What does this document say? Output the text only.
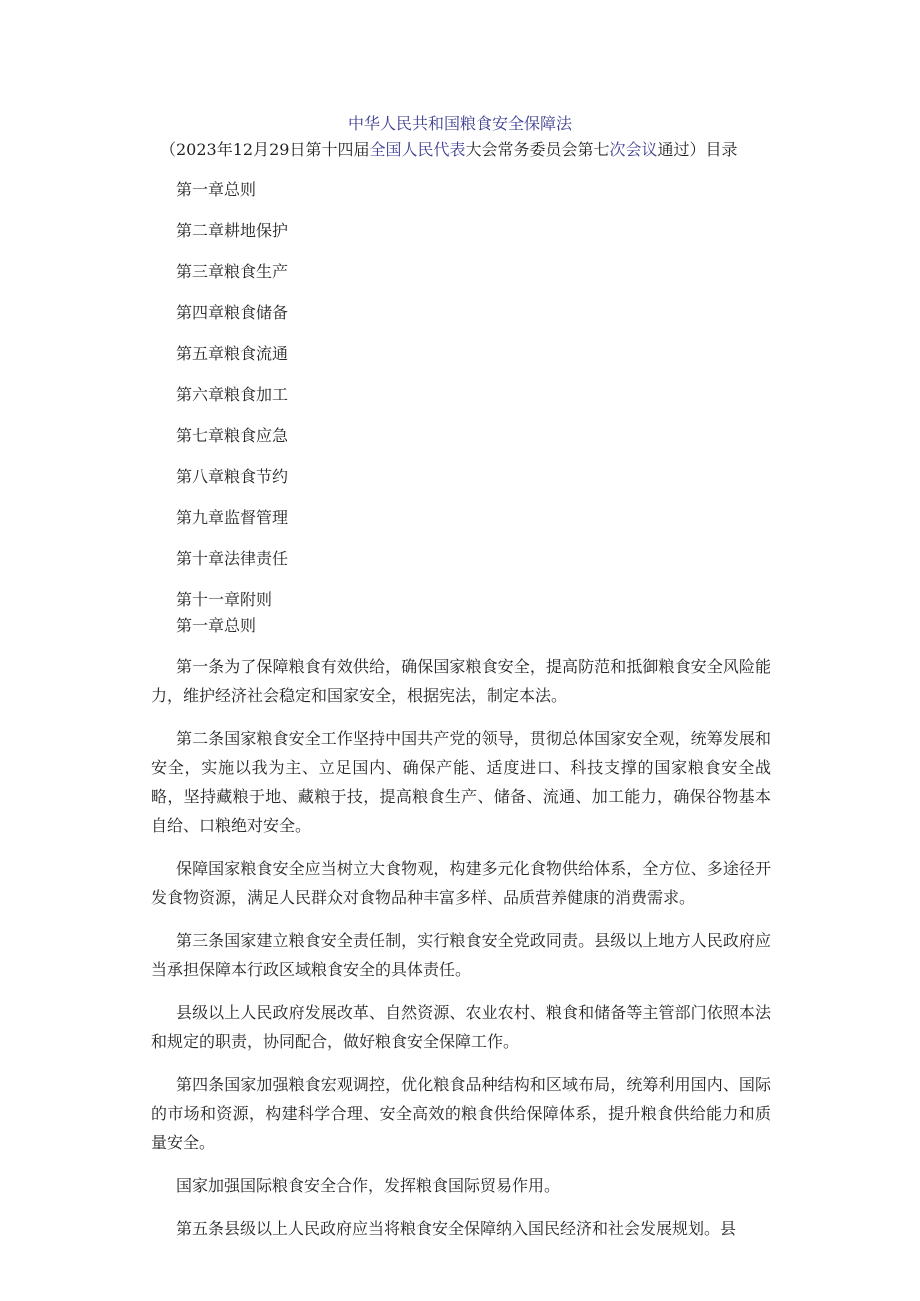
中华人民共和国粮食安全保障法
（2023年12月29日第十四届全国人民代表大会常务委员会第七次会议通过）目录
第一章总则
第二章耕地保护
第三章粮食生产
第四章粮食储备
第五章粮食流通
第六章粮食加工
第七章粮食应急
第八章粮食节约
第九章监督管理
第十章法律责任
第十一章附则
第一章总则

第一条为了保障粮食有效供给，确保国家粮食安全，提高防范和抵御粮食安全风险能力，维护经济社会稳定和国家安全，根据宪法，制定本法。

第二条国家粮食安全工作坚持中国共产党的领导，贯彻总体国家安全观，统筹发展和安全，实施以我为主、立足国内、确保产能、适度进口、科技支撑的国家粮食安全战略，坚持藏粮于地、藏粮于技，提高粮食生产、储备、流通、加工能力，确保谷物基本自给、口粮绝对安全。

保障国家粮食安全应当树立大食物观，构建多元化食物供给体系，全方位、多途径开发食物资源，满足人民群众对食物品种丰富多样、品质营养健康的消费需求。

第三条国家建立粮食安全责任制，实行粮食安全党政同责。县级以上地方人民政府应当承担保障本行政区域粮食安全的具体责任。

县级以上人民政府发展改革、自然资源、农业农村、粮食和储备等主管部门依照本法和规定的职责，协同配合，做好粮食安全保障工作。

第四条国家加强粮食宏观调控，优化粮食品种结构和区域布局，统筹利用国内、国际的市场和资源，构建科学合理、安全高效的粮食供给保障体系，提升粮食供给能力和质量安全。

国家加强国际粮食安全合作，发挥粮食国际贸易作用。

第五条县级以上人民政府应当将粮食安全保障纳入国民经济和社会发展规划。县
